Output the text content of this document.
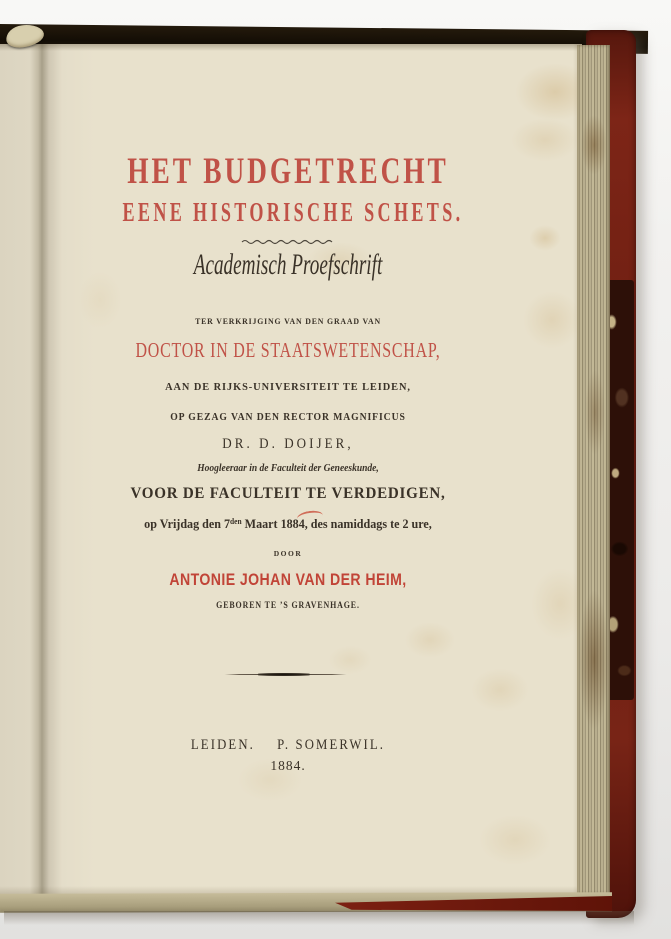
HET BUDGETRECHT
EENE HISTORISCHE SCHETS.
Academisch Proefschrift
TER VERKRIJGING VAN DEN GRAAD VAN
DOCTOR IN DE STAATSWETENSCHAP,
AAN DE RIJKS-UNIVERSITEIT TE LEIDEN,
OP GEZAG VAN DEN RECTOR MAGNIFICUS
DR. D. DOIJER,
Hoogleeraar in de Faculteit der Geneeskunde,
VOOR DE FACULTEIT TE VERDEDIGEN,
op Vrijdag den $7^{den}$ Maart 1884, des namiddags te 2 ure,
DOOR
ANTONIE JOHAN VAN DER HEIM,
GEBOREN TE ’S GRAVENHAGE.
LEIDEN. P. SOMERWIL.
1884.
